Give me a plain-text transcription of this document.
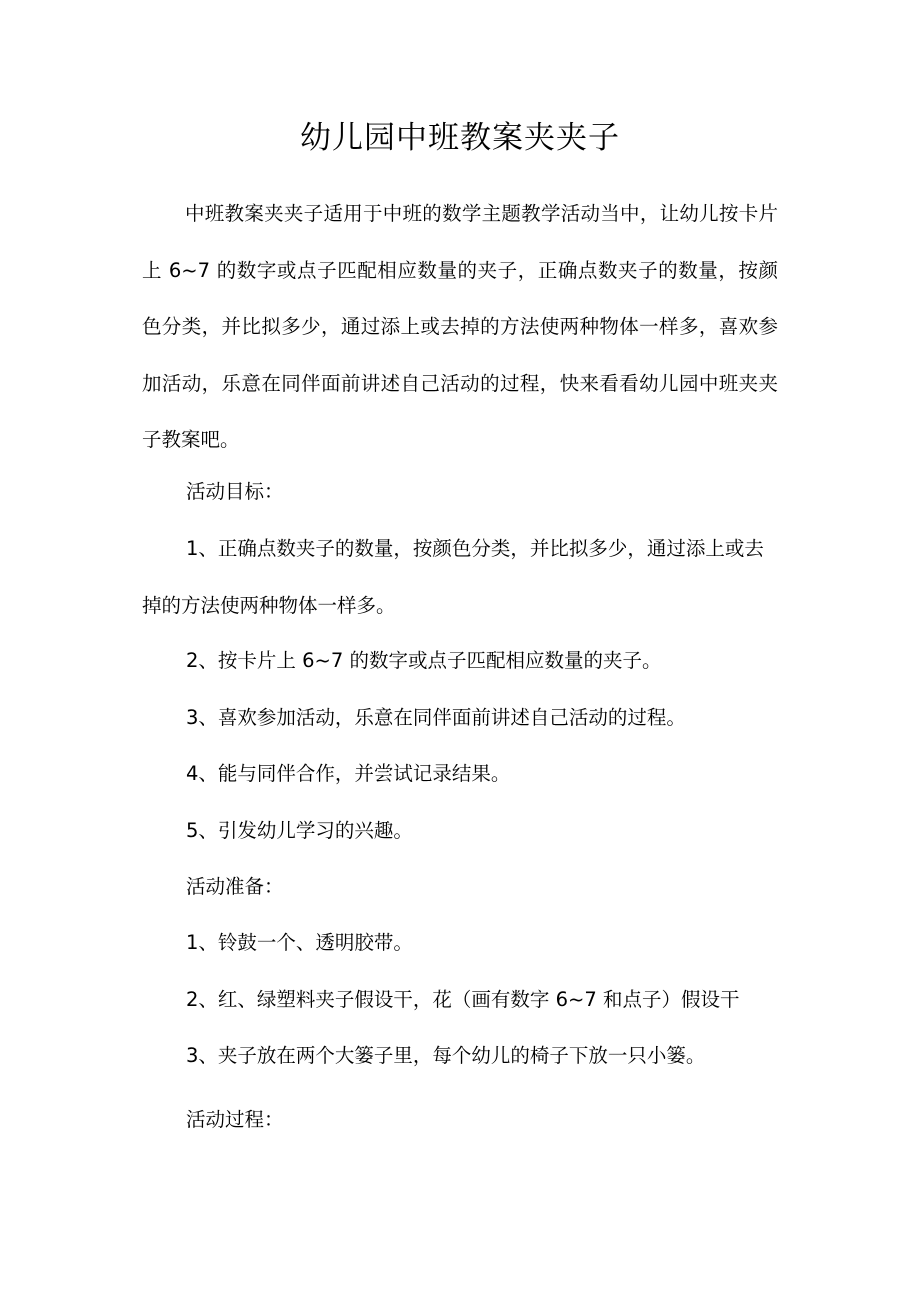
幼儿园中班教案夹夹子

中班教案夹夹子适用于中班的数学主题教学活动当中，让幼儿按卡片上 6~7 的数字或点子匹配相应数量的夹子，正确点数夹子的数量，按颜色分类，并比拟多少，通过添上或去掉的方法使两种物体一样多，喜欢参加活动，乐意在同伴面前讲述自己活动的过程，快来看看幼儿园中班夹夹子教案吧。

活动目标：

1、正确点数夹子的数量，按颜色分类，并比拟多少，通过添上或去掉的方法使两种物体一样多。

2、按卡片上 6~7 的数字或点子匹配相应数量的夹子。

3、喜欢参加活动，乐意在同伴面前讲述自己活动的过程。

4、能与同伴合作，并尝试记录结果。

5、引发幼儿学习的兴趣。

活动准备：

1、铃鼓一个、透明胶带。

2、红、绿塑料夹子假设干，花（画有数字 6~7 和点子）假设干

3、夹子放在两个大篓子里，每个幼儿的椅子下放一只小篓。

活动过程：
